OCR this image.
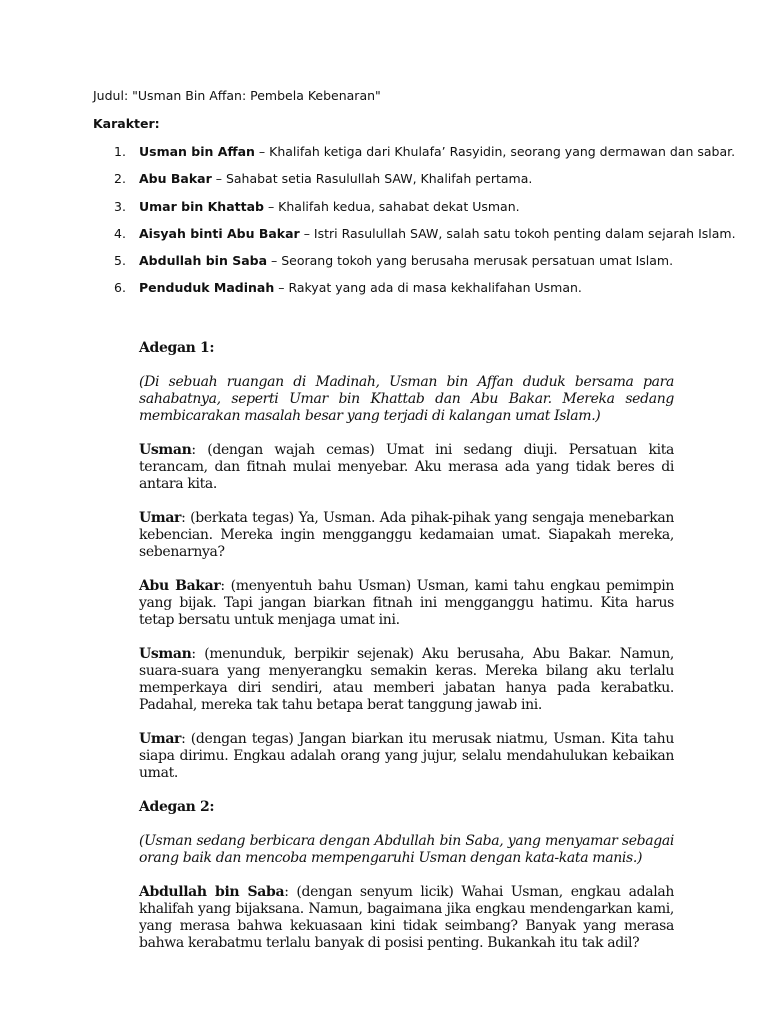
Judul: "Usman Bin Affan: Pembela Kebenaran"

Karakter:

1. Usman bin Affan – Khalifah ketiga dari Khulafa’ Rasyidin, seorang yang dermawan dan sabar.
2. Abu Bakar – Sahabat setia Rasulullah SAW, Khalifah pertama.
3. Umar bin Khattab – Khalifah kedua, sahabat dekat Usman.
4. Aisyah binti Abu Bakar – Istri Rasulullah SAW, salah satu tokoh penting dalam sejarah Islam.
5. Abdullah bin Saba – Seorang tokoh yang berusaha merusak persatuan umat Islam.
6. Penduduk Madinah – Rakyat yang ada di masa kekhalifahan Usman.

Adegan 1:

(Di sebuah ruangan di Madinah, Usman bin Affan duduk bersama para sahabatnya, seperti Umar bin Khattab dan Abu Bakar. Mereka sedang membicarakan masalah besar yang terjadi di kalangan umat Islam.)

Usman: (dengan wajah cemas) Umat ini sedang diuji. Persatuan kita terancam, dan fitnah mulai menyebar. Aku merasa ada yang tidak beres di antara kita.

Umar: (berkata tegas) Ya, Usman. Ada pihak-pihak yang sengaja menebarkan kebencian. Mereka ingin mengganggu kedamaian umat. Siapakah mereka, sebenarnya?

Abu Bakar: (menyentuh bahu Usman) Usman, kami tahu engkau pemimpin yang bijak. Tapi jangan biarkan fitnah ini mengganggu hatimu. Kita harus tetap bersatu untuk menjaga umat ini.

Usman: (menunduk, berpikir sejenak) Aku berusaha, Abu Bakar. Namun, suara-suara yang menyerangku semakin keras. Mereka bilang aku terlalu memperkaya diri sendiri, atau memberi jabatan hanya pada kerabatku. Padahal, mereka tak tahu betapa berat tanggung jawab ini.

Umar: (dengan tegas) Jangan biarkan itu merusak niatmu, Usman. Kita tahu siapa dirimu. Engkau adalah orang yang jujur, selalu mendahulukan kebaikan umat.

Adegan 2:

(Usman sedang berbicara dengan Abdullah bin Saba, yang menyamar sebagai orang baik dan mencoba mempengaruhi Usman dengan kata-kata manis.)

Abdullah bin Saba: (dengan senyum licik) Wahai Usman, engkau adalah khalifah yang bijaksana. Namun, bagaimana jika engkau mendengarkan kami, yang merasa bahwa kekuasaan kini tidak seimbang? Banyak yang merasa bahwa kerabatmu terlalu banyak di posisi penting. Bukankah itu tak adil?
